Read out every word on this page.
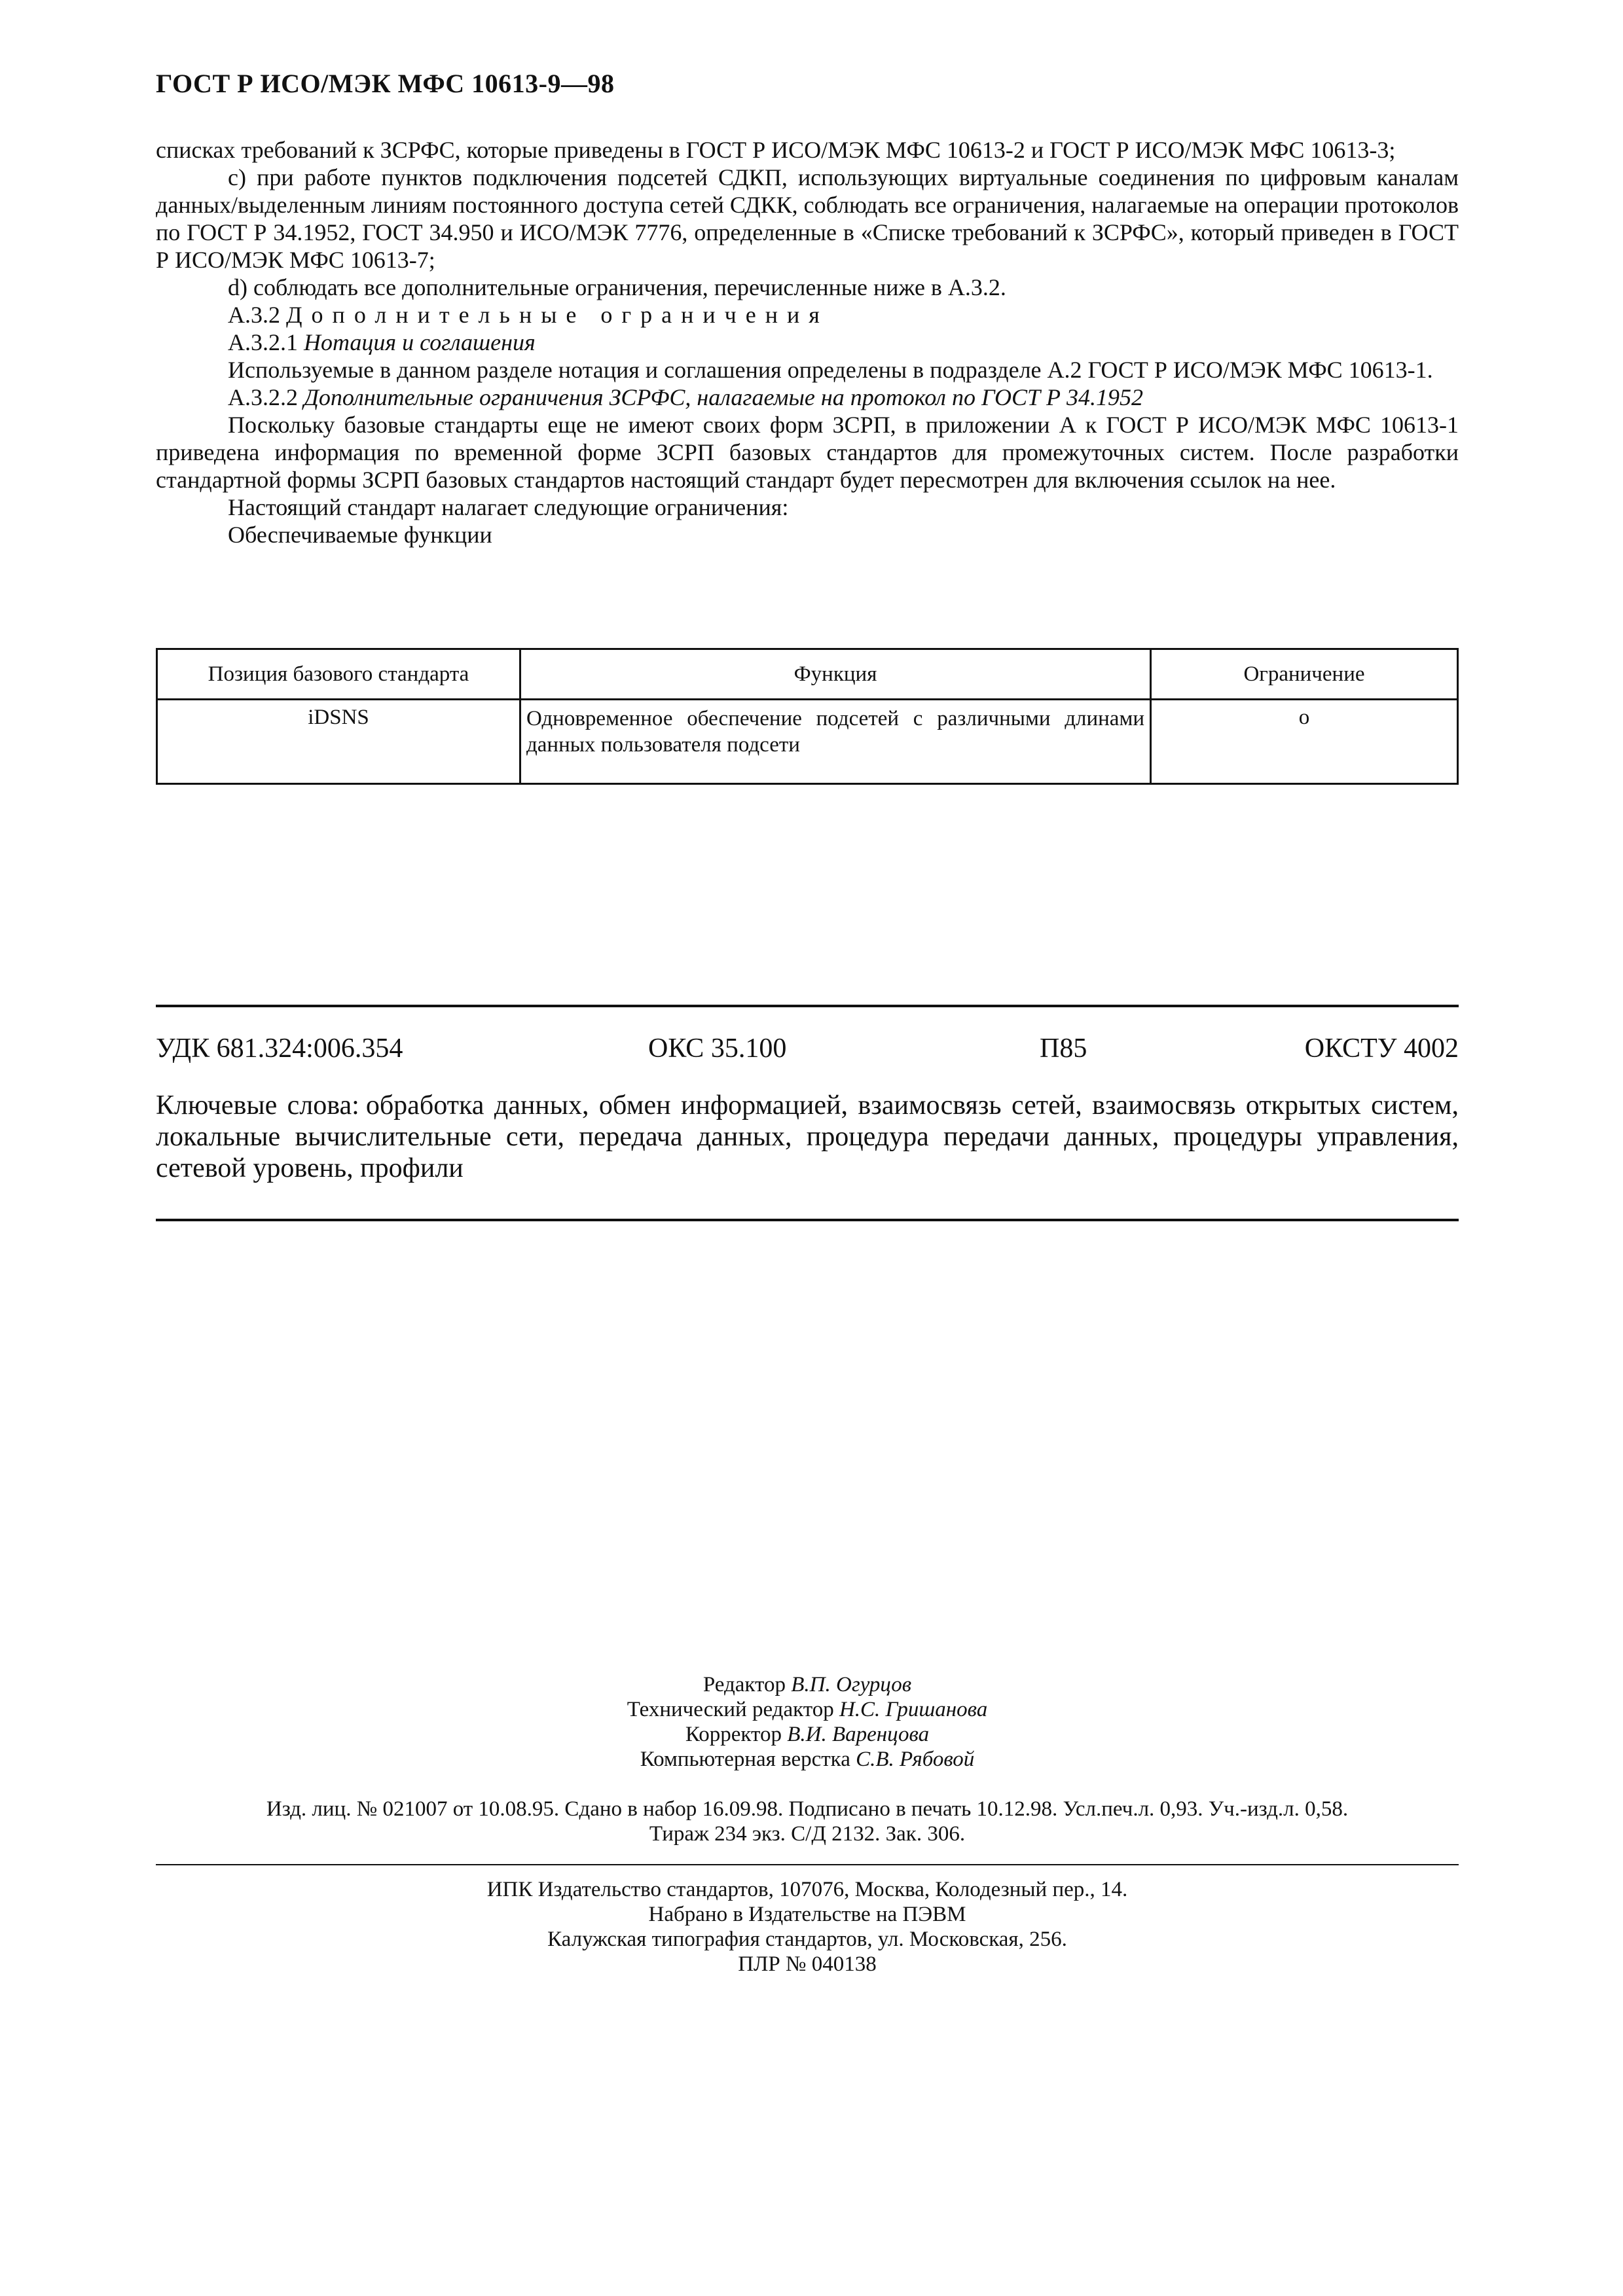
ГОСТ Р ИСО/МЭК МФС 10613-9—98

списках требований к ЗСРФС, которые приведены в ГОСТ Р ИСО/МЭК МФС 10613-2 и ГОСТ Р ИСО/МЭК МФС 10613-3;

с) при работе пунктов подключения подсетей СДКП, использующих виртуальные соединения по цифровым каналам данных/выделенным линиям постоянного доступа сетей СДКК, соблюдать все ограничения, налагаемые на операции протоколов по ГОСТ Р 34.1952, ГОСТ 34.950 и ИСО/МЭК 7776, определенные в «Списке требований к ЗСРФС», который приведен в ГОСТ Р ИСО/МЭК МФС 10613-7;

d) соблюдать все дополнительные ограничения, перечисленные ниже в А.3.2.

А.3.2 Дополнительные ограничения

А.3.2.1 Нотация и соглашения

Используемые в данном разделе нотация и соглашения определены в подразделе А.2 ГОСТ Р ИСО/МЭК МФС 10613-1.

А.3.2.2 Дополнительные ограничения ЗСРФС, налагаемые на протокол по ГОСТ Р 34.1952

Поскольку базовые стандарты еще не имеют своих форм ЗСРП, в приложении А к ГОСТ Р ИСО/МЭК МФС 10613-1 приведена информация по временной форме ЗСРП базовых стандартов для промежуточных систем. После разработки стандартной формы ЗСРП базовых стандартов настоящий стандарт будет пересмотрен для включения ссылок на нее.

Настоящий стандарт налагает следующие ограничения:

Обеспечиваемые функции

Позиция базового стандарта	Функция	Ограничение
iDSNS	Одновременное обеспечение подсетей с различными длинами данных пользователя подсети	о
УДК 681.324:006.354	ОКС 35.100	П85	ОКСТУ 4002
Ключевые слова: обработка данных, обмен информацией, взаимосвязь сетей, взаимосвязь открытых систем, локальные вычислительные сети, передача данных, процедура передачи данных, процедуры управления, сетевой уровень, профили
Редактор В.П. Огурцов
Технический редактор Н.С. Гришанова
Корректор В.И. Варенцова
Компьютерная верстка С.В. Рябовой
Изд. лиц. № 021007 от 10.08.95. Сдано в набор 16.09.98. Подписано в печать 10.12.98. Усл.печ.л. 0,93. Уч.-изд.л. 0,58.
Тираж 234 экз. С/Д 2132. Зак. 306.
ИПК Издательство стандартов, 107076, Москва, Колодезный пер., 14.
Набрано в Издательстве на ПЭВМ
Калужская типография стандартов, ул. Московская, 256.
ПЛР № 040138
